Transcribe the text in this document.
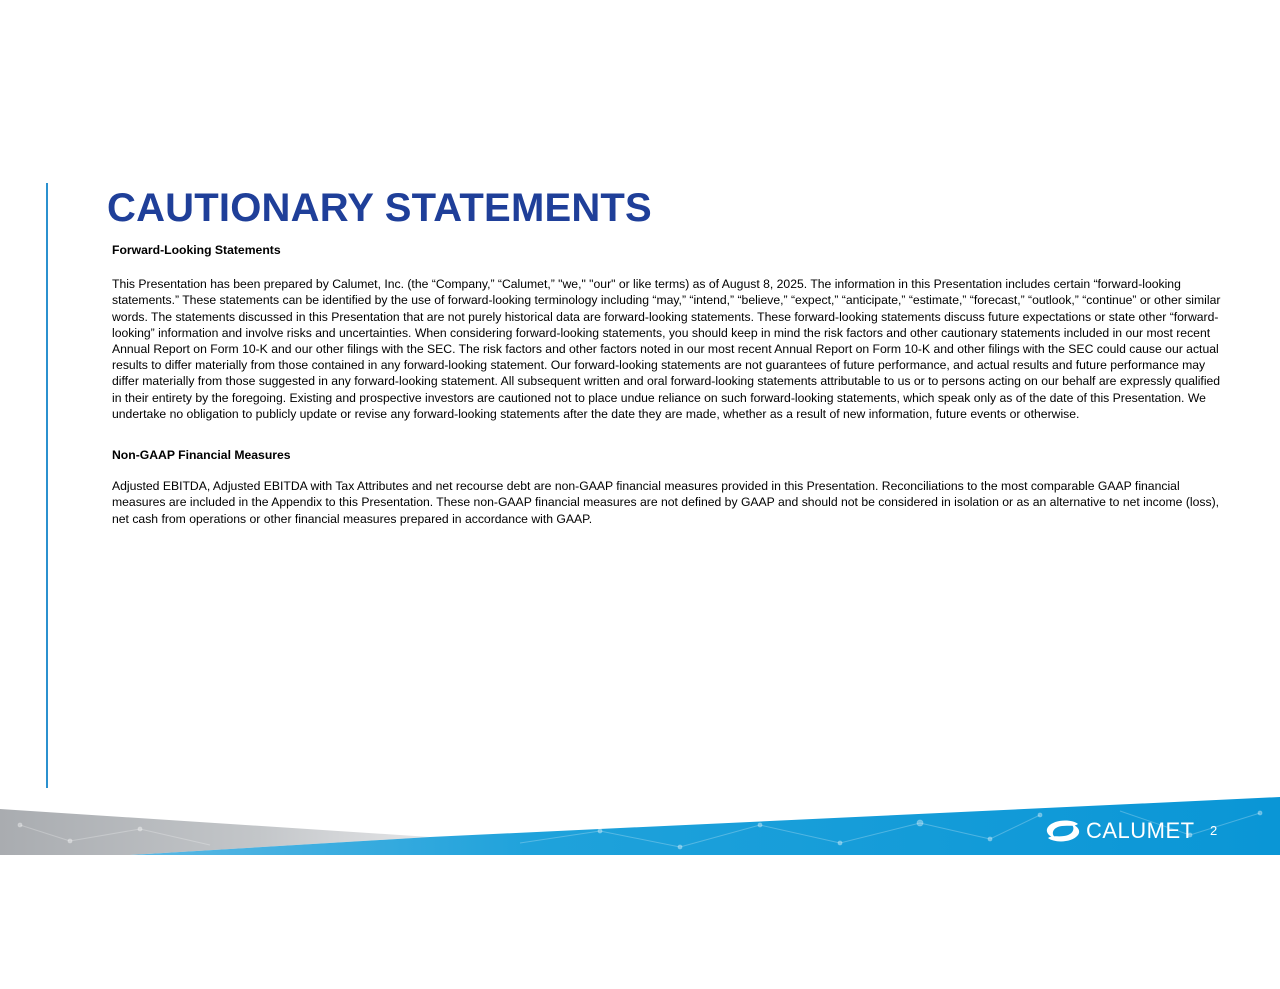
CAUTIONARY STATEMENTS

Forward-Looking Statements

This Presentation has been prepared by Calumet, Inc. (the “Company,” “Calumet,” "we," "our" or like terms) as of August 8, 2025. The information in this Presentation includes certain “forward-looking statements.” These statements can be identified by the use of forward-looking terminology including “may,” “intend,” “believe,” “expect,” “anticipate,” “estimate,” “forecast,” “outlook,” “continue” or other similar words. The statements discussed in this Presentation that are not purely historical data are forward-looking statements. These forward-looking statements discuss future expectations or state other “forward-looking” information and involve risks and uncertainties. When considering forward-looking statements, you should keep in mind the risk factors and other cautionary statements included in our most recent Annual Report on Form 10-K and our other filings with the SEC. The risk factors and other factors noted in our most recent Annual Report on Form 10-K and other filings with the SEC could cause our actual results to differ materially from those contained in any forward-looking statement. Our forward-looking statements are not guarantees of future performance, and actual results and future performance may differ materially from those suggested in any forward-looking statement. All subsequent written and oral forward-looking statements attributable to us or to persons acting on our behalf are expressly qualified in their entirety by the foregoing. Existing and prospective investors are cautioned not to place undue reliance on such forward-looking statements, which speak only as of the date of this Presentation. We undertake no obligation to publicly update or revise any forward-looking statements after the date they are made, whether as a result of new information, future events or otherwise.

Non-GAAP Financial Measures

Adjusted EBITDA, Adjusted EBITDA with Tax Attributes and net recourse debt are non-GAAP financial measures provided in this Presentation. Reconciliations to the most comparable GAAP financial measures are included in the Appendix to this Presentation. These non-GAAP financial measures are not defined by GAAP and should not be considered in isolation or as an alternative to net income (loss), net cash from operations or other financial measures prepared in accordance with GAAP.

CALUMET 2
